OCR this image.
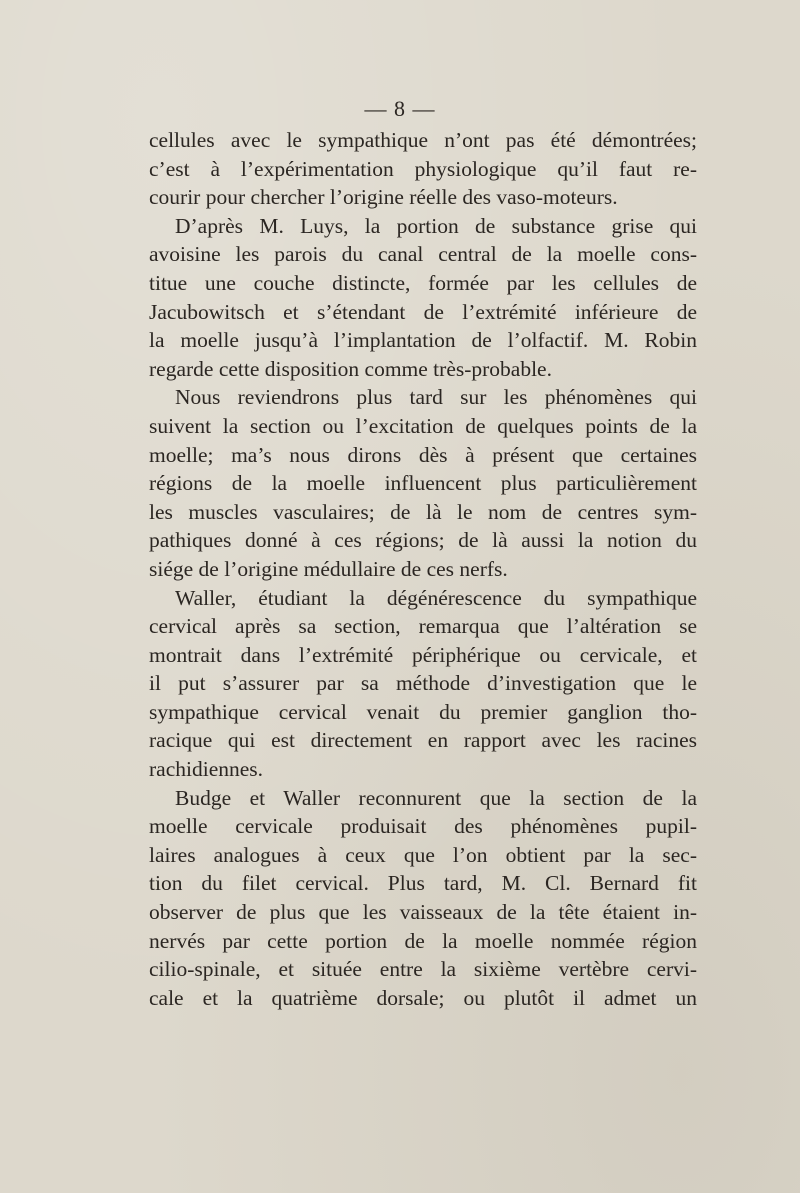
— 8 —
cellules avec le sympathique n’ont pas été démontrées;
c’est à l’expérimentation physiologique qu’il faut re-
courir pour chercher l’origine réelle des vaso-moteurs.
D’après M. Luys, la portion de substance grise qui
avoisine les parois du canal central de la moelle cons-
titue une couche distincte, formée par les cellules de
Jacubowitsch et s’étendant de l’extrémité inférieure de
la moelle jusqu’à l’implantation de l’olfactif. M. Robin
regarde cette disposition comme très-probable.
Nous reviendrons plus tard sur les phénomènes qui
suivent la section ou l’excitation de quelques points de la
moelle; ma’s nous dirons dès à présent que certaines
régions de la moelle influencent plus particulièrement
les muscles vasculaires; de là le nom de centres sym-
pathiques donné à ces régions; de là aussi la notion du
siége de l’origine médullaire de ces nerfs.
Waller, étudiant la dégénérescence du sympathique
cervical après sa section, remarqua que l’altération se
montrait dans l’extrémité périphérique ou cervicale, et
il put s’assurer par sa méthode d’investigation que le
sympathique cervical venait du premier ganglion tho-
racique qui est directement en rapport avec les racines
rachidiennes.
Budge et Waller reconnurent que la section de la
moelle cervicale produisait des phénomènes pupil-
laires analogues à ceux que l’on obtient par la sec-
tion du filet cervical. Plus tard, M. Cl. Bernard fit
observer de plus que les vaisseaux de la tête étaient in-
nervés par cette portion de la moelle nommée région
cilio-spinale, et située entre la sixième vertèbre cervi-
cale et la quatrième dorsale; ou plutôt il admet un
